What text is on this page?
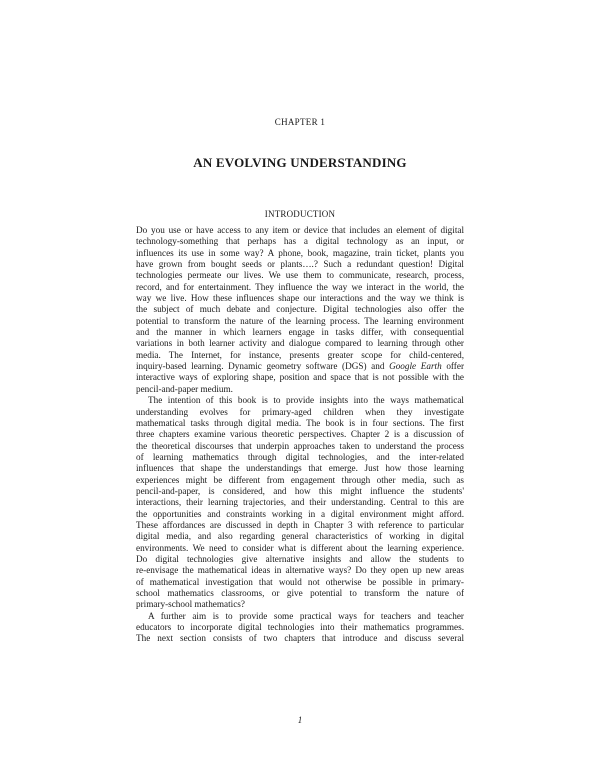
CHAPTER 1
AN EVOLVING UNDERSTANDING
INTRODUCTION

Do you use or have access to any item or device that includes an element of digital
technology-something that perhaps has a digital technology as an input, or
influences its use in some way? A phone, book, magazine, train ticket, plants you
have grown from bought seeds or plants….? Such a redundant question! Digital
technologies permeate our lives. We use them to communicate, research, process,
record, and for entertainment. They influence the way we interact in the world, the
way we live. How these influences shape our interactions and the way we think is
the subject of much debate and conjecture. Digital technologies also offer the
potential to transform the nature of the learning process. The learning environment
and the manner in which learners engage in tasks differ, with consequential
variations in both learner activity and dialogue compared to learning through other
media. The Internet, for instance, presents greater scope for child-centered,
inquiry-based learning. Dynamic geometry software (DGS) and Google Earth offer
interactive ways of exploring shape, position and space that is not possible with the
pencil-and-paper medium.

The intention of this book is to provide insights into the ways mathematical
understanding evolves for primary-aged children when they investigate
mathematical tasks through digital media. The book is in four sections. The first
three chapters examine various theoretic perspectives. Chapter 2 is a discussion of
the theoretical discourses that underpin approaches taken to understand the process
of learning mathematics through digital technologies, and the inter-related
influences that shape the understandings that emerge. Just how those learning
experiences might be different from engagement through other media, such as
pencil-and-paper, is considered, and how this might influence the students'
interactions, their learning trajectories, and their understanding. Central to this are
the opportunities and constraints working in a digital environment might afford.
These affordances are discussed in depth in Chapter 3 with reference to particular
digital media, and also regarding general characteristics of working in digital
environments. We need to consider what is different about the learning experience.
Do digital technologies give alternative insights and allow the students to
re-envisage the mathematical ideas in alternative ways? Do they open up new areas
of mathematical investigation that would not otherwise be possible in primary-
school mathematics classrooms, or give potential to transform the nature of
primary-school mathematics?

A further aim is to provide some practical ways for teachers and teacher
educators to incorporate digital technologies into their mathematics programmes.
The next section consists of two chapters that introduce and discuss several

1
